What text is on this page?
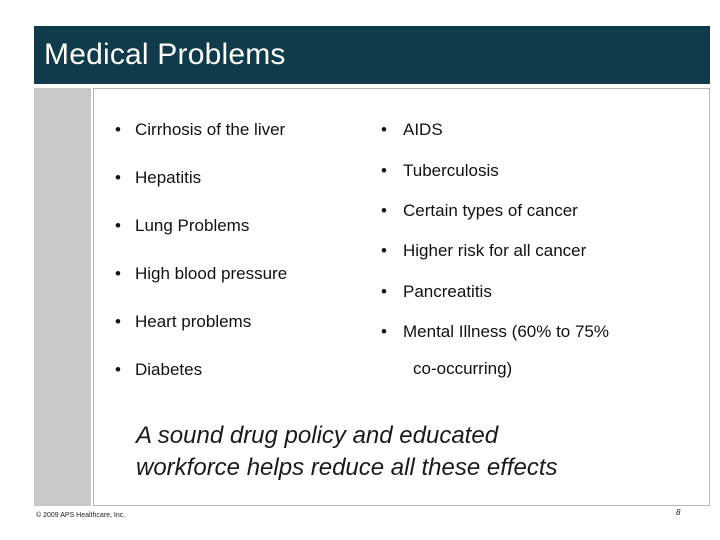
Medical Problems
• Cirrhosis of the liver
• Hepatitis
• Lung Problems
• High blood pressure
• Heart problems
• Diabetes
• AIDS
• Tuberculosis
• Certain types of cancer
• Higher risk for all cancer
• Pancreatitis
• Mental Illness (60% to 75%
co-occurring)
A sound drug policy and educated
workforce helps reduce all these effects
© 2009 APS Healthcare, Inc.	8
